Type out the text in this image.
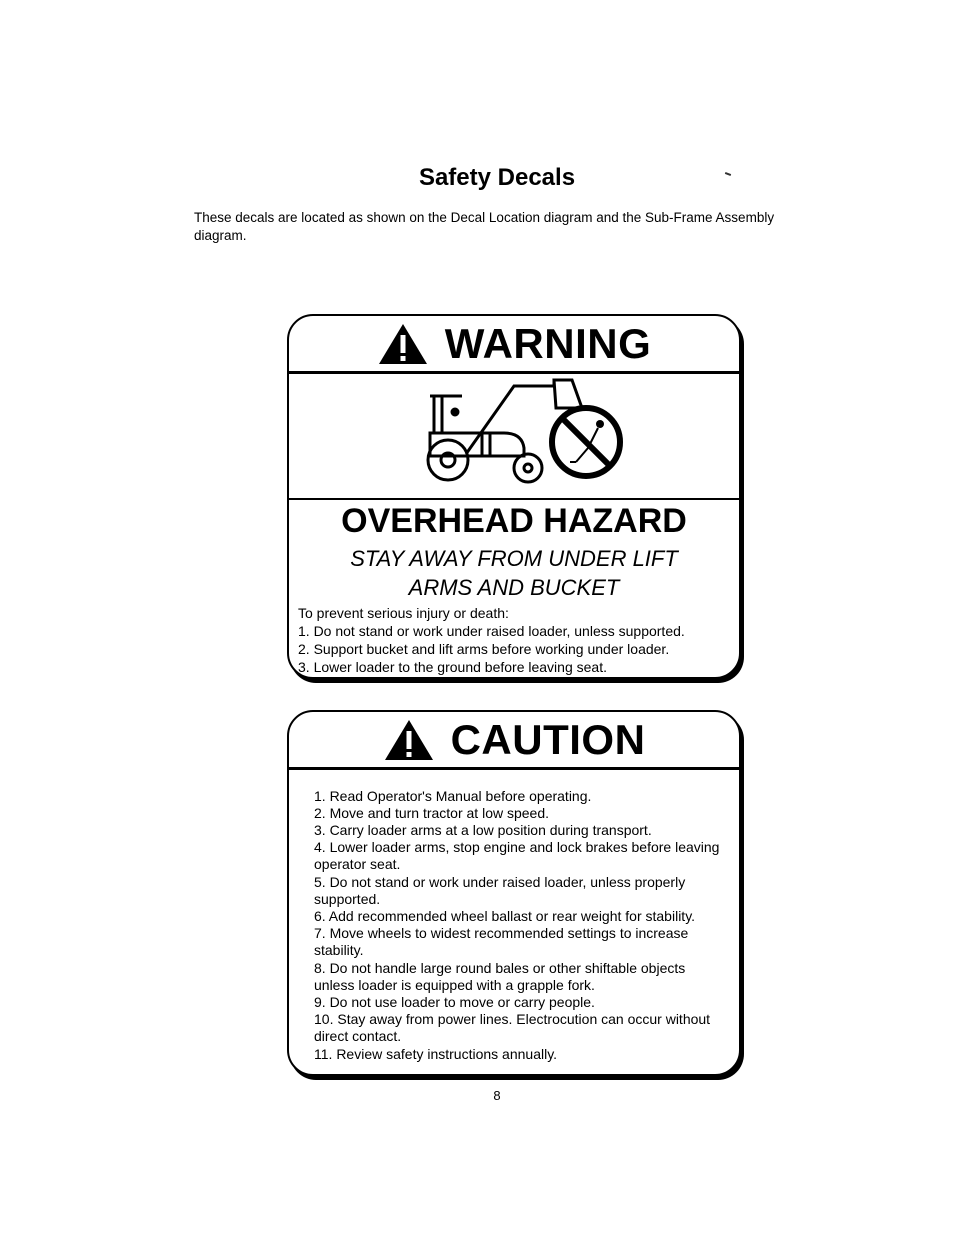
Safety Decals
These decals are located as shown on the Decal Location diagram and the Sub-Frame Assembly diagram.
WARNING
OVERHEAD HAZARD
STAY AWAY FROM UNDER LIFT
ARMS AND BUCKET
To prevent serious injury or death:
1. Do not stand or work under raised loader, unless supported.
2. Support bucket and lift arms before working under loader.
3. Lower loader to the ground before leaving seat.
CAUTION
1. Read Operator's Manual before operating.
2. Move and turn tractor at low speed.
3. Carry loader arms at a low position during transport.
4. Lower loader arms, stop engine and lock brakes before leaving operator seat.
5. Do not stand or work under raised loader, unless properly supported.
6. Add recommended wheel ballast or rear weight for stability.
7. Move wheels to widest recommended settings to increase stability.
8. Do not handle large round bales or other shiftable objects unless loader is equipped with a grapple fork.
9. Do not use loader to move or carry people.
10. Stay away from power lines. Electrocution can occur without direct contact.
11. Review safety instructions annually.
8
